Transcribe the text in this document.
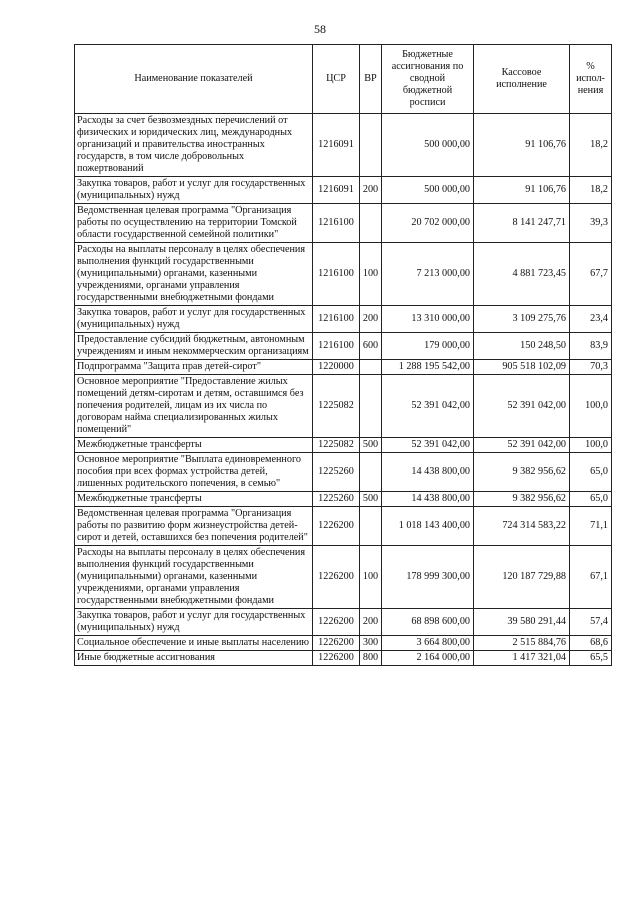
58
Наименование показателей	ЦСР	ВР	Бюджетные ассигнования по сводной бюджетной росписи	Кассовое исполнение	% испол-нения
Расходы за счет безвозмездных перечислений от физических и юридических лиц, международных организаций и правительства иностранных государств, в том числе добровольных пожертвований	1216091		500 000,00	91 106,76	18,2
Закупка товаров, работ и услуг для государственных (муниципальных) нужд	1216091	200	500 000,00	91 106,76	18,2
Ведомственная целевая программа "Организация работы по осуществлению на территории Томской области государственной семейной политики"	1216100		20 702 000,00	8 141 247,71	39,3
Расходы на выплаты персоналу в целях обеспечения выполнения функций государственными (муниципальными) органами, казенными учреждениями, органами управления государственными внебюджетными фондами	1216100	100	7 213 000,00	4 881 723,45	67,7
Закупка товаров, работ и услуг для государственных (муниципальных) нужд	1216100	200	13 310 000,00	3 109 275,76	23,4
Предоставление субсидий бюджетным, автономным учреждениям и иным некоммерческим организациям	1216100	600	179 000,00	150 248,50	83,9
Подпрограмма "Защита прав детей-сирот"	1220000		1 288 195 542,00	905 518 102,09	70,3
Основное мероприятие "Предоставление жилых помещений детям-сиротам и детям, оставшимся без попечения родителей, лицам из их числа по договорам найма специализированных жилых помещений"	1225082		52 391 042,00	52 391 042,00	100,0
Межбюджетные трансферты	1225082	500	52 391 042,00	52 391 042,00	100,0
Основное мероприятие "Выплата единовременного пособия при всех формах устройства детей, лишенных родительского попечения, в семью"	1225260		14 438 800,00	9 382 956,62	65,0
Межбюджетные трансферты	1225260	500	14 438 800,00	9 382 956,62	65,0
Ведомственная целевая программа "Организация работы по развитию форм жизнеустройства детей-сирот и детей, оставшихся без попечения родителей"	1226200		1 018 143 400,00	724 314 583,22	71,1
Расходы на выплаты персоналу в целях обеспечения выполнения функций государственными (муниципальными) органами, казенными учреждениями, органами управления государственными внебюджетными фондами	1226200	100	178 999 300,00	120 187 729,88	67,1
Закупка товаров, работ и услуг для государственных (муниципальных) нужд	1226200	200	68 898 600,00	39 580 291,44	57,4
Социальное обеспечение и иные выплаты населению	1226200	300	3 664 800,00	2 515 884,76	68,6
Иные бюджетные ассигнования	1226200	800	2 164 000,00	1 417 321,04	65,5
